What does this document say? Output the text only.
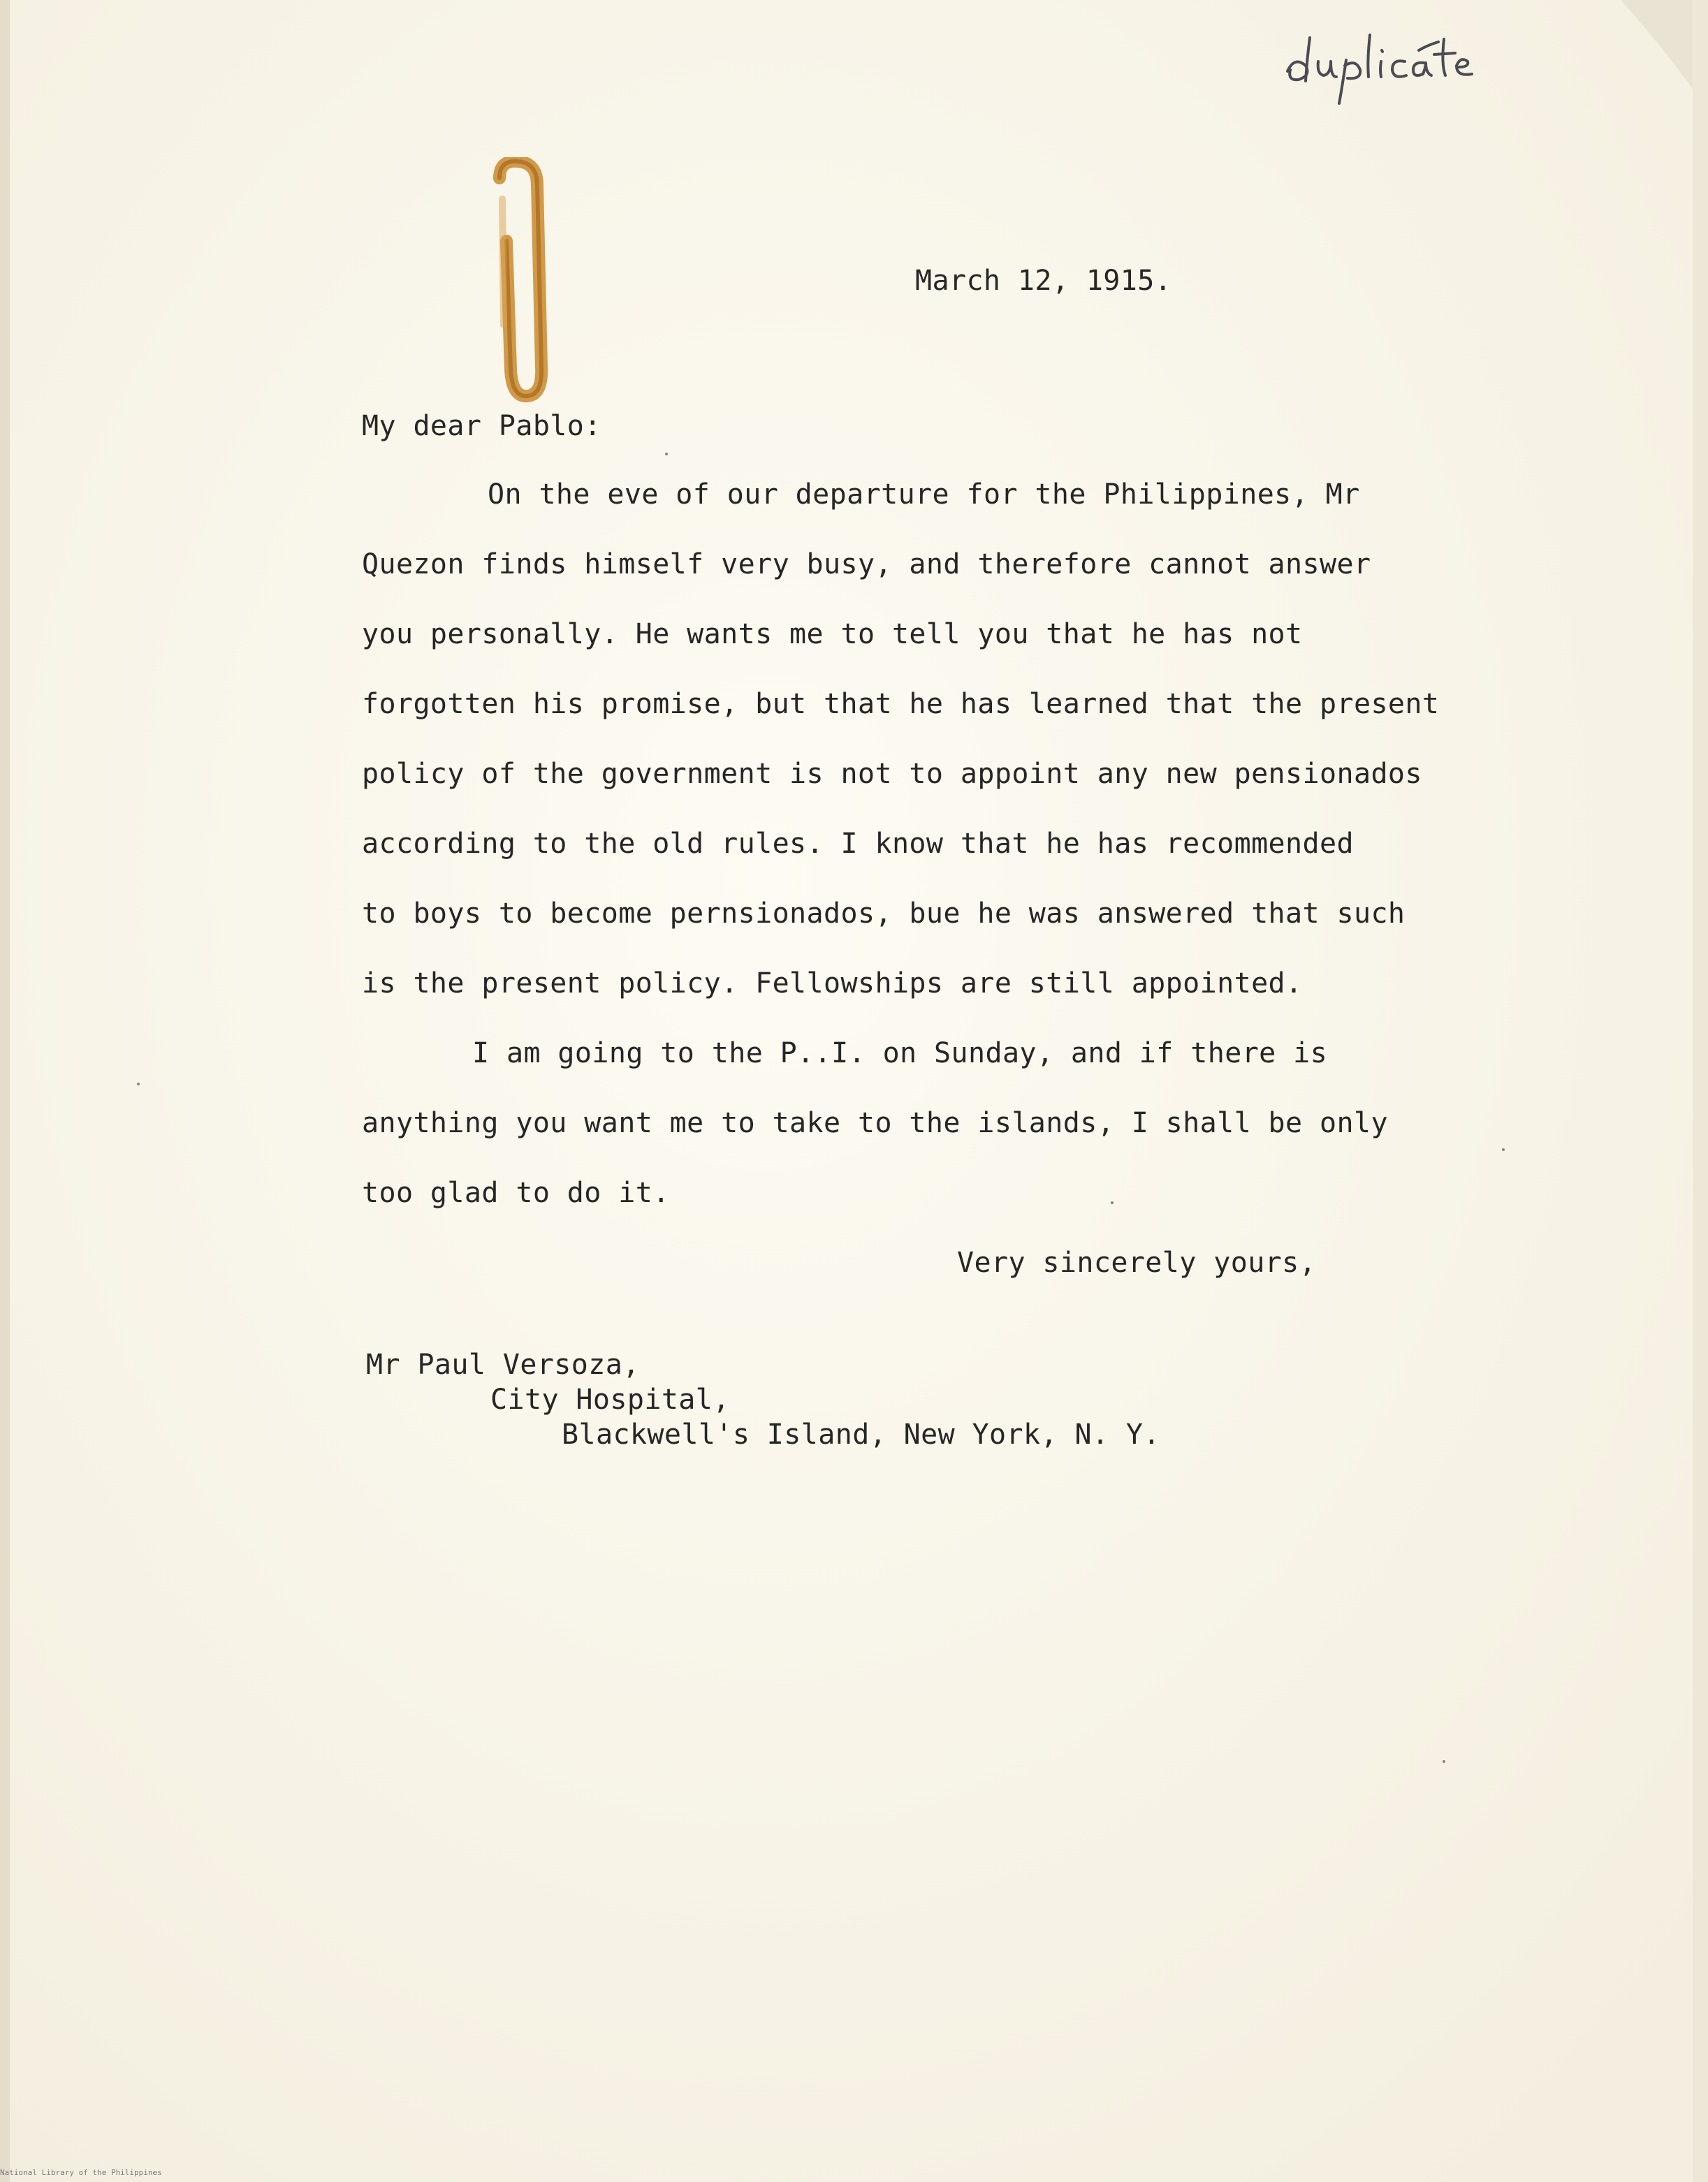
March 12, 1915.
My dear Pablo:
On the eve of our departure for the Philippines, Mr
Quezon finds himself very busy, and therefore cannot answer
you personally. He wants me to tell you that he has not
forgotten his promise, but that he has learned that the present
policy of the government is not to appoint any new pensionados
according to the old rules. I know that he has recommended
to boys to become pernsionados, bue he was answered that such
is the present policy. Fellowships are still appointed.
I am going to the P..I. on Sunday, and if there is
anything you want me to take to the islands, I shall be only
too glad to do it.
Very sincerely yours,
Mr Paul Versoza,
City Hospital,
Blackwell's Island, New York, N. Y.
National Library of the Philippines
